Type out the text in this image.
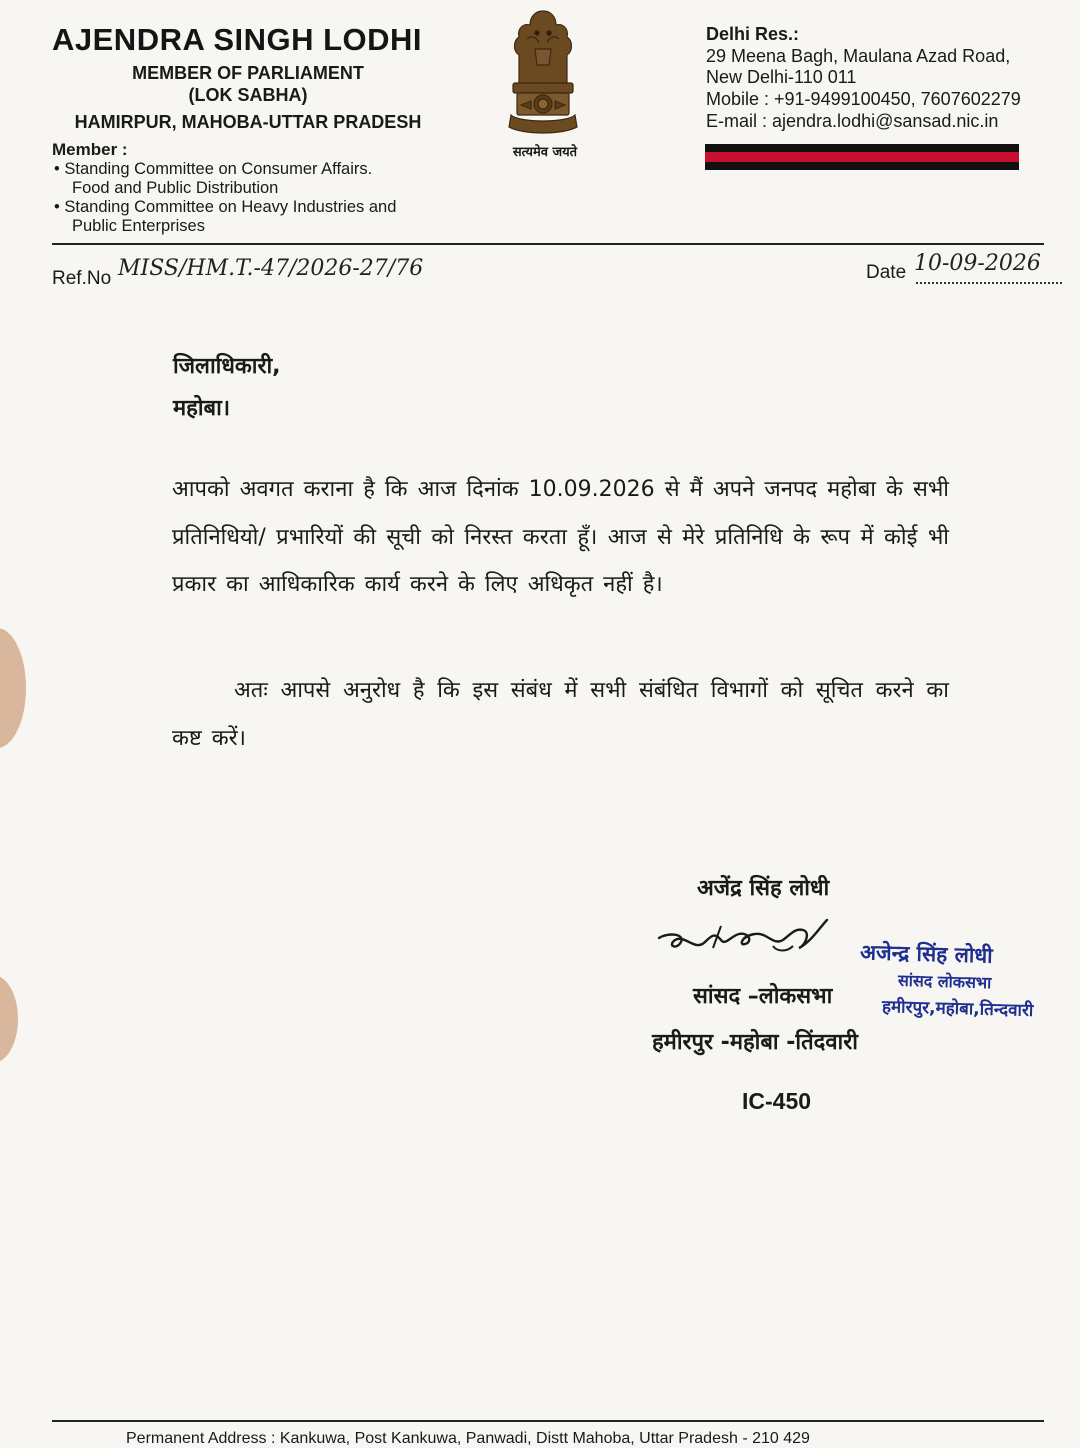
AJENDRA SINGH LODHI
MEMBER OF PARLIAMENT
(LOK SABHA)
HAMIRPUR, MAHOBA-UTTAR PRADESH
Member :
• Standing Committee on Consumer Affairs.
Food and Public Distribution
• Standing Committee on Heavy Industries and
Public Enterprises
सत्यमेव जयते
Delhi Res.:
29 Meena Bagh, Maulana Azad Road,
New Delhi-110 011
Mobile : +91-9499100450, 7607602279
E-mail : ajendra.lodhi@sansad.nic.in
Ref.No MISS/HM.T.-47/2026-27/76	Date 10-09-2026
जिलाधिकारी,
महोबा।
आपको अवगत कराना है कि आज दिनांक 10.09.2026 से मैं अपने जनपद महोबा के सभी प्रतिनिधियो/ प्रभारियों की सूची को निरस्त करता हूँ। आज से मेरे प्रतिनिधि के रूप में कोई भी प्रकार का आधिकारिक कार्य करने के लिए अधिकृत नहीं है।
अतः आपसे अनुरोध है कि इस संबंध में सभी संबंधित विभागों को सूचित करने का कष्ट करें।
अजेंद्र सिंह लोधी
सांसद –लोकसभा
हमीरपुर -महोबा -तिंदवारी
IC-450
अजेन्द्र सिंह लोधी
सांसद लोकसभा
हमीरपुर,महोबा,तिन्दवारी
Permanent Address : Kankuwa, Post Kankuwa, Panwadi, Distt Mahoba, Uttar Pradesh - 210 429
